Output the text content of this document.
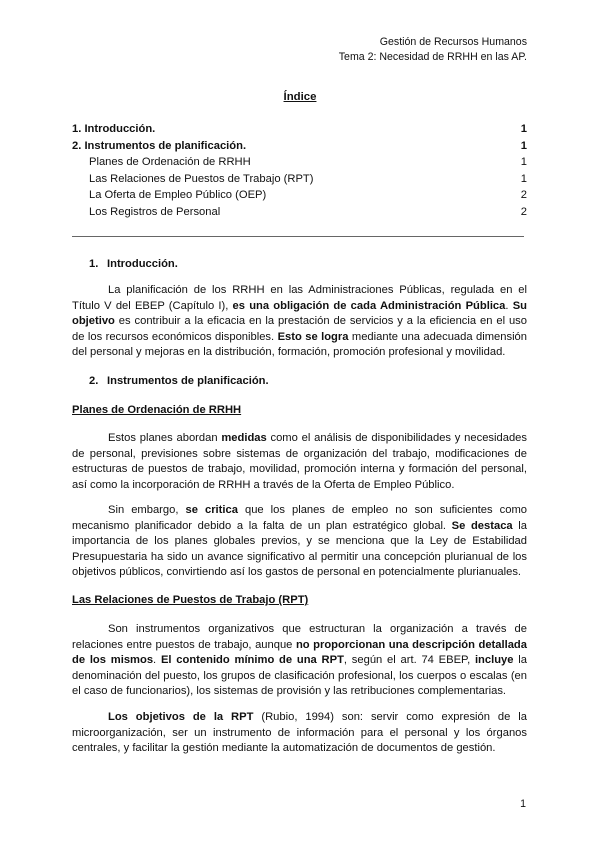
Gestión de Recursos Humanos
Tema 2: Necesidad de RRHH en las AP.
Índice
1. Introducción.	1
2. Instrumentos de planificación.	1
Planes de Ordenación de RRHH	1
Las Relaciones de Puestos de Trabajo (RPT)	1
La Oferta de Empleo Público (OEP)	2
Los Registros de Personal	2
1. Introducción.

La planificación de los RRHH en las Administraciones Públicas, regulada en el Título V del EBEP (Capítulo I), es una obligación de cada Administración Pública. Su objetivo es contribuir a la eficacia en la prestación de servicios y a la eficiencia en el uso de los recursos económicos disponibles. Esto se logra mediante una adecuada dimensión del personal y mejoras en la distribución, formación, promoción profesional y movilidad.

2. Instrumentos de planificación.
Planes de Ordenación de RRHH

Estos planes abordan medidas como el análisis de disponibilidades y necesidades de personal, previsiones sobre sistemas de organización del trabajo, modificaciones de estructuras de puestos de trabajo, movilidad, promoción interna y formación del personal, así como la incorporación de RRHH a través de la Oferta de Empleo Público.

Sin embargo, se critica que los planes de empleo no son suficientes como mecanismo planificador debido a la falta de un plan estratégico global. Se destaca la importancia de los planes globales previos, y se menciona que la Ley de Estabilidad Presupuestaria ha sido un avance significativo al permitir una concepción plurianual de los objetivos públicos, convirtiendo así los gastos de personal en potencialmente plurianuales.

Las Relaciones de Puestos de Trabajo (RPT)

Son instrumentos organizativos que estructuran la organización a través de relaciones entre puestos de trabajo, aunque no proporcionan una descripción detallada de los mismos. El contenido mínimo de una RPT, según el art. 74 EBEP, incluye la denominación del puesto, los grupos de clasificación profesional, los cuerpos o escalas (en el caso de funcionarios), los sistemas de provisión y las retribuciones complementarias.

Los objetivos de la RPT (Rubio, 1994) son: servir como expresión de la microorganización, ser un instrumento de información para el personal y los órganos centrales, y facilitar la gestión mediante la automatización de documentos de gestión.

1
